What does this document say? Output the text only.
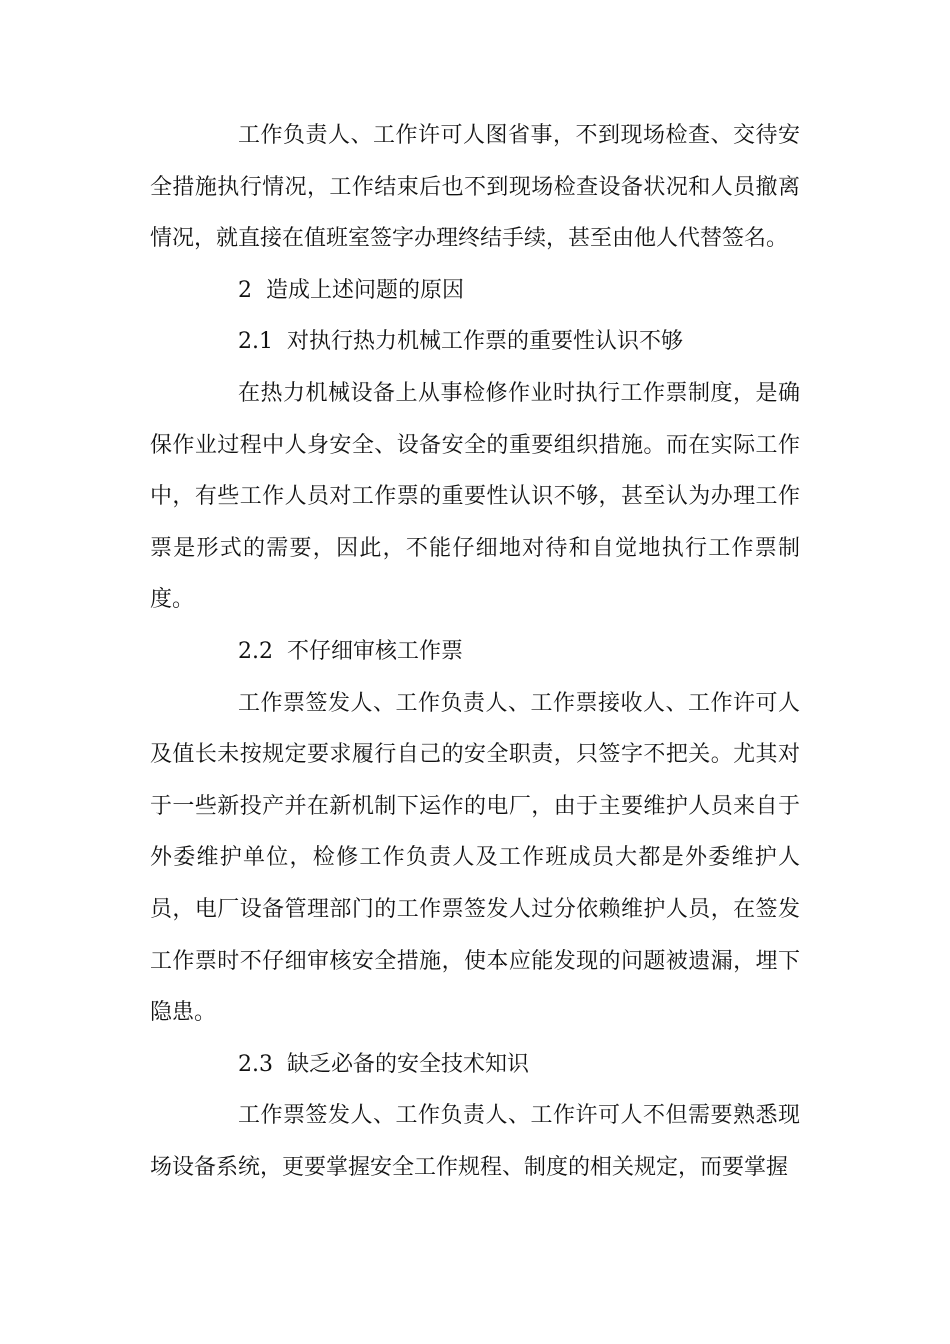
工作负责人、工作许可人图省事，不到现场检查、交待安全措施执行情况，工作结束后也不到现场检查设备状况和人员撤离情况，就直接在值班室签字办理终结手续，甚至由他人代替签名。

2  造成上述问题的原因

2.1  对执行热力机械工作票的重要性认识不够

在热力机械设备上从事检修作业时执行工作票制度，是确保作业过程中人身安全、设备安全的重要组织措施。而在实际工作中，有些工作人员对工作票的重要性认识不够，甚至认为办理工作票是形式的需要，因此，不能仔细地对待和自觉地执行工作票制度。

2.2  不仔细审核工作票

工作票签发人、工作负责人、工作票接收人、工作许可人及值长未按规定要求履行自己的安全职责，只签字不把关。尤其对于一些新投产并在新机制下运作的电厂，由于主要维护人员来自于外委维护单位，检修工作负责人及工作班成员大都是外委维护人员，电厂设备管理部门的工作票签发人过分依赖维护人员，在签发工作票时不仔细审核安全措施，使本应能发现的问题被遗漏，埋下隐患。

2.3  缺乏必备的安全技术知识

工作票签发人、工作负责人、工作许可人不但需要熟悉现场设备系统，更要掌握安全工作规程、制度的相关规定，而要掌握
